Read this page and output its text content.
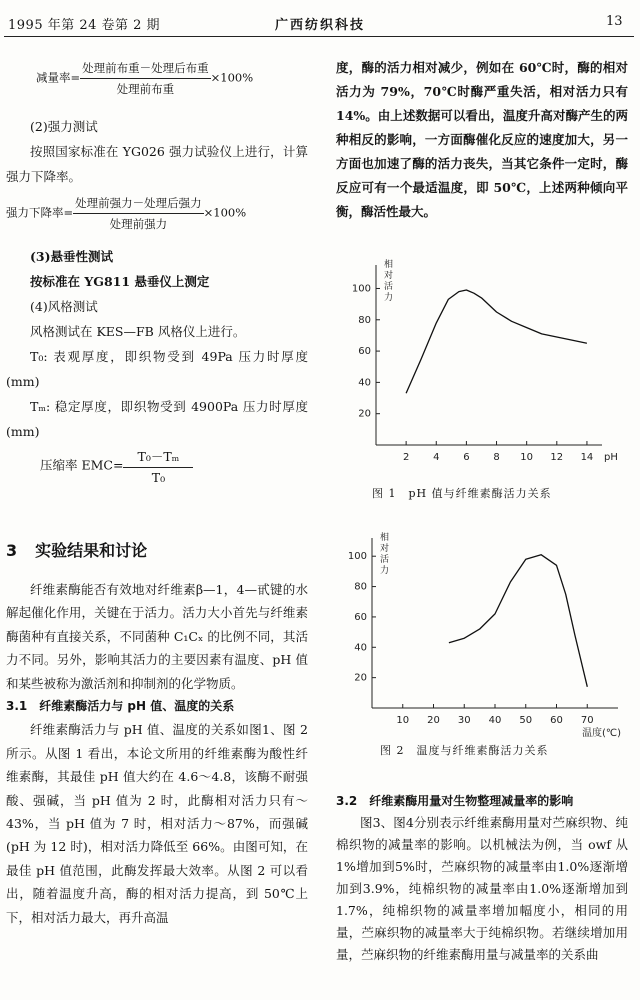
1995 年第 24 卷第 2 期	广西纺织科技	13
减量率= $\frac{\text{处理前布重－处理后布重}}{\text{处理前布重}} \times 100\%$

(2)强力测试

按照国家标准在 YG026 强力试验仪上进行，计算强力下降率。

强力下降率= $\frac{\text{处理前强力－处理后强力}}{\text{处理前强力}} \times 100\%$

(3)悬垂性测试

按标准在 YG811 悬垂仪上测定

(4)风格测试

风格测试在 KES—FB 风格仪上进行。

T₀: 表观厚度，即织物受到 49Pa 压力时厚度(mm)

Tₘ: 稳定厚度，即织物受到 4900Pa 压力时厚度(mm)

压缩率 $EMC= \frac{\text{T₀－Tₘ}}{\text{T₀}}$
3 实验结果和讨论

纤维素酶能否有效地对纤维素β—1，4—甙键的水解起催化作用，关键在于活力。活力大小首先与纤维素酶菌种有直接关系，不同菌种 C₁Cₓ 的比例不同，其活力不同。另外，影响其活力的主要因素有温度、pH 值和某些被称为激活剂和抑制剂的化学物质。

3.1　纤维素酶活力与 pH 值、温度的关系

纤维素酶活力与 pH 值、温度的关系如图1、图 2 所示。从图 1 看出，本论文所用的纤维素酶为酸性纤维素酶，其最佳 pH 值大约在 4.6～4.8，该酶不耐强酸、强碱，当 pH 值为 2 时，此酶相对活力只有～43%，当 pH 值为 7 时，相对活力～87%，而强碱(pH 为 12 时)，相对活力降低至 66%。由图可知，在最佳 pH 值范围，此酶发挥最大效率。从图 2 可以看出，随着温度升高，酶的相对活力提高，到 50℃上下，相对活力最大，再升高温

度，酶的活力相对减少，例如在 60℃时，酶的相对活力为 79%，70℃时酶严重失活，相对活力只有 14%。由上述数据可以看出，温度升高对酶产生的两种相反的影响，一方面酶催化反应的速度加大，另一方面也加速了酶的活力丧失，当其它条件一定时，酶反应可有一个最适温度，即 50℃，上述两种倾向平衡，酶活性最大。

2 4 6 8 10 12 14
20
40
60
80
100
相对活力
pH
图 1　pH 值与纤维素酶活力关系
10 20 30 40 50 60 70
20
40
60
80
100
相对活力
温度(℃)
图 2　温度与纤维素酶活力关系

3.2　纤维素酶用量对生物整理减量率的影响

图3、图4分别表示纤维素酶用量对苎麻织物、纯棉织物的减量率的影响。以机械法为例，当 owf 从1%增加到5%时，苎麻织物的减量率由1.0%逐渐增加到3.9%，纯棉织物的减量率由1.0%逐渐增加到1.7%，纯棉织物的减量率增加幅度小，相同的用量，苎麻织物的减量率大于纯棉织物。若继续增加用量，苎麻织物的纤维素酶用量与减量率的关系曲
